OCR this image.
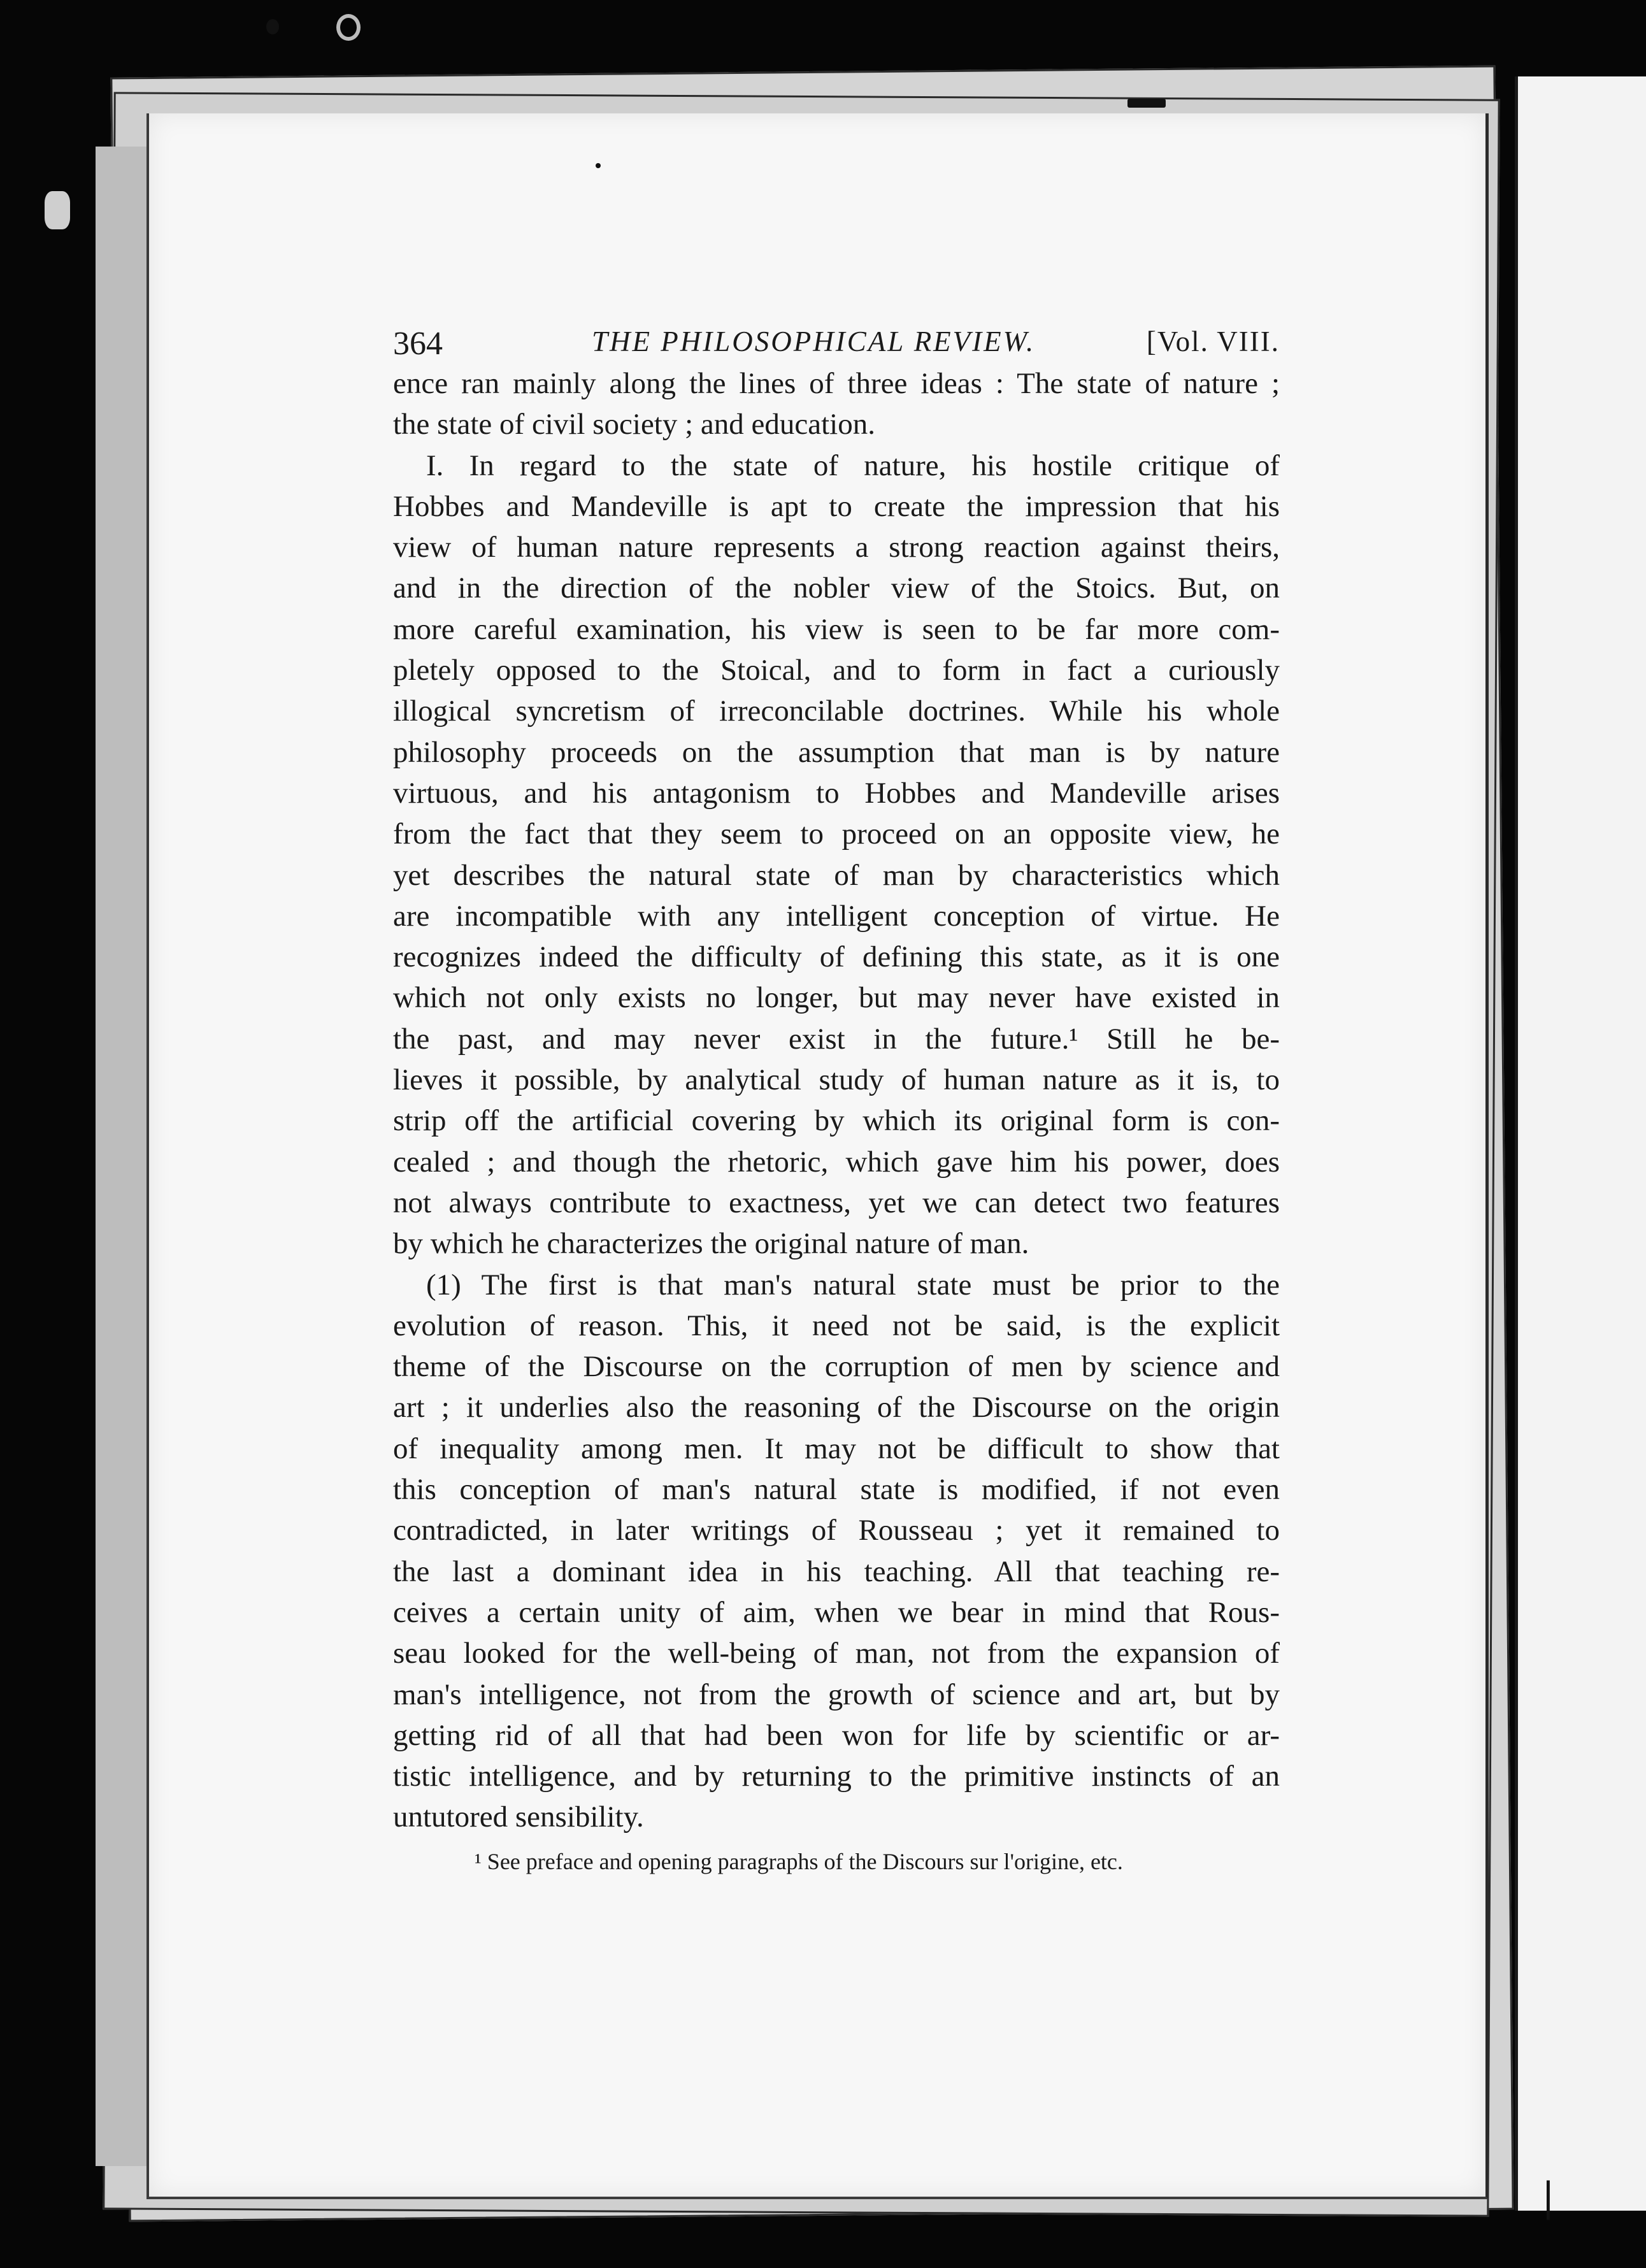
364	THE PHILOSOPHICAL REVIEW.	[Vol. VIII.
ence ran mainly along the lines of three ideas : The state of nature ;
the state of civil society ; and education.
I. In regard to the state of nature, his hostile critique of
Hobbes and Mandeville is apt to create the impression that his
view of human nature represents a strong reaction against theirs,
and in the direction of the nobler view of the Stoics. But, on
more careful examination, his view is seen to be far more com-
pletely opposed to the Stoical, and to form in fact a curiously
illogical syncretism of irreconcilable doctrines. While his whole
philosophy proceeds on the assumption that man is by nature
virtuous, and his antagonism to Hobbes and Mandeville arises
from the fact that they seem to proceed on an opposite view, he
yet describes the natural state of man by characteristics which
are incompatible with any intelligent conception of virtue. He
recognizes indeed the difficulty of defining this state, as it is one
which not only exists no longer, but may never have existed in
the past, and may never exist in the future.¹ Still he be-
lieves it possible, by analytical study of human nature as it is, to
strip off the artificial covering by which its original form is con-
cealed ; and though the rhetoric, which gave him his power, does
not always contribute to exactness, yet we can detect two features
by which he characterizes the original nature of man.
(1) The first is that man's natural state must be prior to the
evolution of reason. This, it need not be said, is the explicit
theme of the Discourse on the corruption of men by science and
art ; it underlies also the reasoning of the Discourse on the origin
of inequality among men. It may not be difficult to show that
this conception of man's natural state is modified, if not even
contradicted, in later writings of Rousseau ; yet it remained to
the last a dominant idea in his teaching. All that teaching re-
ceives a certain unity of aim, when we bear in mind that Rous-
seau looked for the well-being of man, not from the expansion of
man's intelligence, not from the growth of science and art, but by
getting rid of all that had been won for life by scientific or ar-
tistic intelligence, and by returning to the primitive instincts of an
untutored sensibility.
¹ See preface and opening paragraphs of the Discours sur l'origine, etc.
|
